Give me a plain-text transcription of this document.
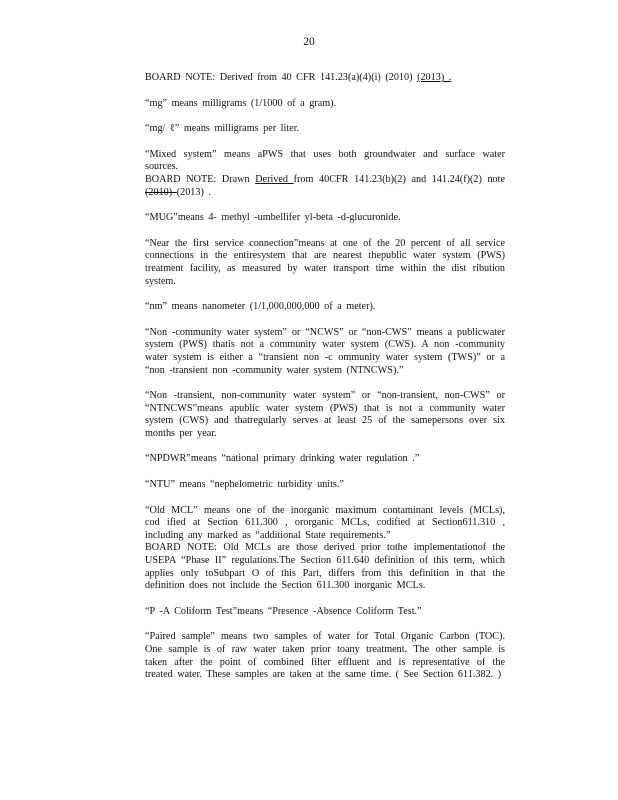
20

BOARD NOTE: Derived from 40 CFR 141.23(a)(4)(i) (2010) (2013) .

“mg” means milligrams (1/1000 of a gram).

“mg/ ℓ” means milligrams per liter.

“Mixed system” means aPWS that uses both groundwater and surface water sources.

BOARD NOTE: Drawn Derived from 40CFR 141.23(b)(2) and 141.24(f)(2) note (2010) (2013) .

“MUG”means 4- methyl -umbellifer yl-beta -d-glucuronide.

“Near the first service connection”means at one of the 20 percent of all service connections in the entiresystem that are nearest thepublic water system (PWS) treatment facility, as measured by water transport time within the dist ribution system.

“nm” means nanometer (1/1,000,000,000 of a meter).

“Non -community water system” or “NCWS” or “non-CWS” means a publicwater system (PWS) thatis not a community water system (CWS). A non -community water system is either a “transient non -c ommunity water system (TWS)” or a “non -transient non -community water system (NTNCWS).”

“Non -transient, non-community water system” or “non-transient, non-CWS” or “NTNCWS”means apublic water system (PWS) that is not a community water system (CWS) and thatregularly serves at least 25 of the samepersons over six months per year.

“NPDWR”means “national primary drinking water regulation .”

“NTU” means “nephelometric turbidity units.”

“Old MCL” means one of the inorganic maximum contaminant levels (MCLs), cod ified at Section 611.300 , ororganic MCLs, codified at Section611.310 , including any marked as “additional State requirements.”

BOARD NOTE: Old MCLs are those derived prior tothe implementationof the USEPA “Phase II” regulations.The Section 611.640 definition of this term, which applies only toSubpart O of this Part, differs from this definition in that the definition does not include the Section 611.300 inorganic MCLs.

“P -A Coliform Test”means “Presence -Absence Coliform Test.”

“Paired sample” means two samples of water for Total Organic Carbon (TOC). One sample is of raw water taken prior toany treatment. The other sample is taken after the point of combined filter effluent and is representative of the treated water. These samples are taken at the same time. ( See Section 611.382. )
